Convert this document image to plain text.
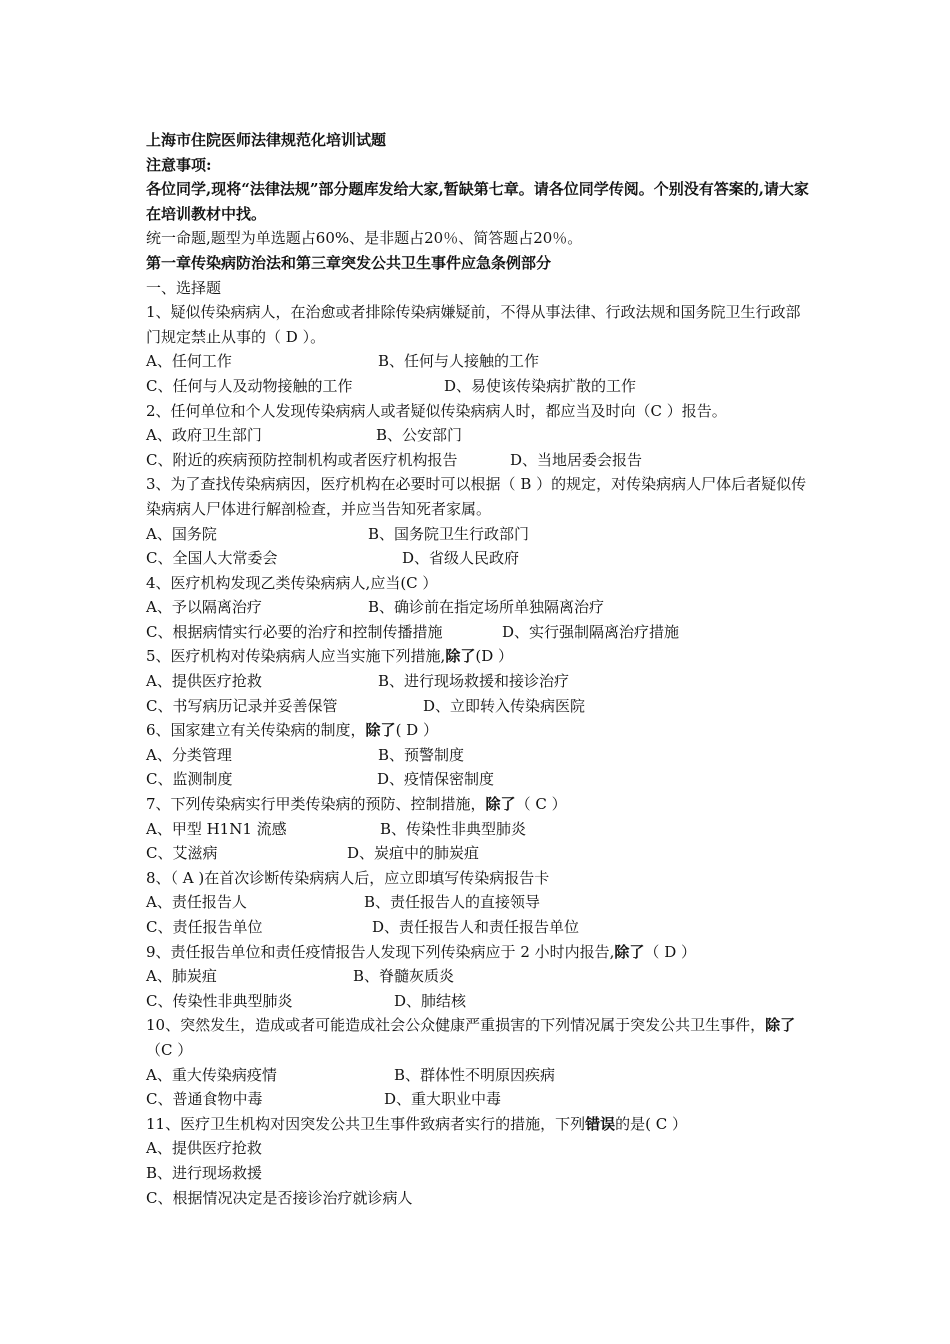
上海市住院医师法律规范化培训试题
注意事项:
各位同学,现将“法律法规”部分题库发给大家,暂缺第七章。请各位同学传阅。个别没有答案的,请大家在培训教材中找。
统一命题,题型为单选题占60%、是非题占20％、简答题占20％。
第一章传染病防治法和第三章突发公共卫生事件应急条例部分
一、选择题
1、疑似传染病病人，在治愈或者排除传染病嫌疑前，不得从事法律、行政法规和国务院卫生行政部门规定禁止从事的（ D ）。
A、任何工作	B、任何与人接触的工作
C、任何与人及动物接触的工作	D、易使该传染病扩散的工作
2、任何单位和个人发现传染病病人或者疑似传染病病人时，都应当及时向（C ）报告。
A、政府卫生部门	B、公安部门
C、附近的疾病预防控制机构或者医疗机构报告	D、当地居委会报告
3、为了查找传染病病因，医疗机构在必要时可以根据（ B ）的规定，对传染病病人尸体后者疑似传染病病人尸体进行解剖检查，并应当告知死者家属。
A、国务院	B、国务院卫生行政部门
C、全国人大常委会	D、省级人民政府
4、医疗机构发现乙类传染病病人,应当(C ）
A、予以隔离治疗	B、确诊前在指定场所单独隔离治疗
C、根据病情实行必要的治疗和控制传播措施	D、实行强制隔离治疗措施
5、医疗机构对传染病病人应当实施下列措施,除了(D ）
A、提供医疗抢救	B、进行现场救援和接诊治疗
C、书写病历记录并妥善保管	D、立即转入传染病医院
6、国家建立有关传染病的制度，除了( D ）
A、分类管理	B、预警制度
C、监测制度	D、疫情保密制度
7、下列传染病实行甲类传染病的预防、控制措施，除了（ C ）
A、甲型 H1N1 流感	B、传染性非典型肺炎
C、艾滋病	D、炭疽中的肺炭疽
8、（ A )在首次诊断传染病病人后，应立即填写传染病报告卡
A、责任报告人	B、责任报告人的直接领导
C、责任报告单位	D、责任报告人和责任报告单位
9、责任报告单位和责任疫情报告人发现下列传染病应于 2 小时内报告,除了（ D ）
A、肺炭疽	B、脊髓灰质炎
C、传染性非典型肺炎	D、肺结核
10、突然发生，造成或者可能造成社会公众健康严重损害的下列情况属于突发公共卫生事件，除了（C ）
A、重大传染病疫情	B、群体性不明原因疾病
C、普通食物中毒	D、重大职业中毒
11、医疗卫生机构对因突发公共卫生事件致病者实行的措施，下列错误的是( C ）
A、提供医疗抢救
B、进行现场救援
C、根据情况决定是否接诊治疗就诊病人
